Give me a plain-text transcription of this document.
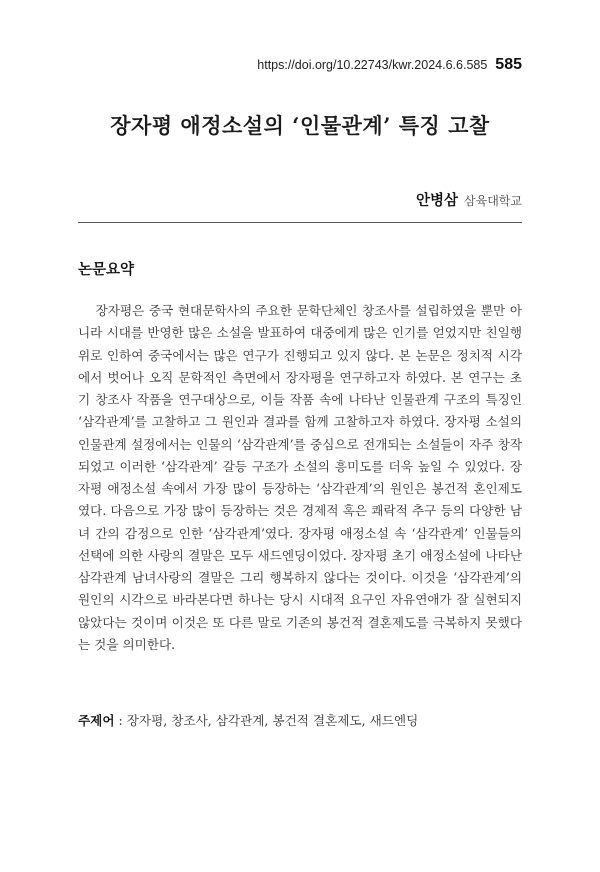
https://doi.org/10.22743/kwr.2024.6.6.585 585
장자평 애정소설의 ‘인물관계’ 특징 고찰
안병삼 삼육대학교
논문요약

장자평은 중국 현대문학사의 주요한 문학단체인 창조사를 설립하였을 뿐만 아니라 시대를 반영한 많은 소설을 발표하여 대중에게 많은 인기를 얻었지만 친일행위로 인하여 중국에서는 많은 연구가 진행되고 있지 않다. 본 논문은 정치적 시각에서 벗어나 오직 문학적인 측면에서 장자평을 연구하고자 하였다. 본 연구는 초기 창조사 작품을 연구대상으로, 이들 작품 속에 나타난 인물관계 구조의 특징인 ‘삼각관계’를 고찰하고 그 원인과 결과를 함께 고찰하고자 하였다. 장자평 소설의 인물관계 설정에서는 인물의 ‘삼각관계’를 중심으로 전개되는 소설들이 자주 창작되었고 이러한 ‘삼각관계’ 갈등 구조가 소설의 흥미도를 더욱 높일 수 있었다. 장자평 애정소설 속에서 가장 많이 등장하는 ‘삼각관계’의 원인은 봉건적 혼인제도였다. 다음으로 가장 많이 등장하는 것은 경제적 혹은 쾌락적 추구 등의 다양한 남녀 간의 감정으로 인한 ‘삼각관계’였다. 장자평 애정소설 속 ‘삼각관계’ 인물들의 선택에 의한 사랑의 결말은 모두 새드엔딩이었다. 장자평 초기 애정소설에 나타난 삼각관계 남녀사랑의 결말은 그리 행복하지 않다는 것이다. 이것을 ‘삼각관계’의 원인의 시각으로 바라본다면 하나는 당시 시대적 요구인 자유연애가 잘 실현되지 않았다는 것이며 이것은 또 다른 말로 기존의 봉건적 결혼제도를 극복하지 못했다는 것을 의미한다.

주제어 : 장자평, 창조사, 삼각관계, 봉건적 결혼제도, 새드엔딩
